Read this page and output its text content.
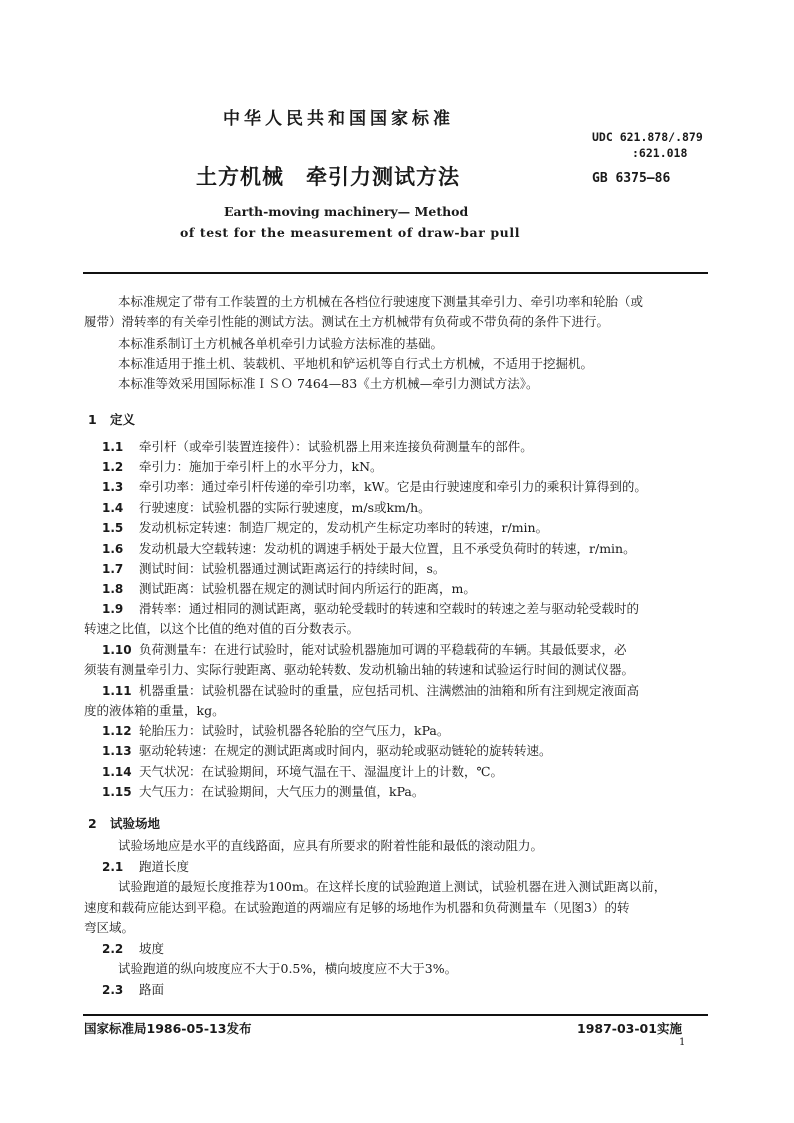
中华人民共和国国家标准
UDC 621.878/.879
:621.018
土方机械　牵引力测试方法	GB 6375—86
Earth-moving machinery— Method
of test for the measurement of draw-bar pull
本标准规定了带有工作装置的土方机械在各档位行驶速度下测量其牵引力、牵引功率和轮胎（或
履带）滑转率的有关牵引性能的测试方法。测试在土方机械带有负荷或不带负荷的条件下进行。
本标准系制订土方机械各单机牵引力试验方法标准的基础。
本标准适用于推土机、装载机、平地机和铲运机等自行式土方机械，不适用于挖掘机。
本标准等效采用国际标准ＩＳＯ 7464—83《土方机械—牵引力测试方法》。
1 定义
1.1 牵引杆（或牵引装置连接件）：试验机器上用来连接负荷测量车的部件。
1.2 牵引力：施加于牵引杆上的水平分力，kN。
1.3 牵引功率：通过牵引杆传递的牵引功率，kW。它是由行驶速度和牵引力的乘积计算得到的。
1.4 行驶速度：试验机器的实际行驶速度，m/s或km/h。
1.5 发动机标定转速：制造厂规定的，发动机产生标定功率时的转速，r/min。
1.6 发动机最大空载转速：发动机的调速手柄处于最大位置，且不承受负荷时的转速，r/min。
1.7 测试时间：试验机器通过测试距离运行的持续时间，s。
1.8 测试距离：试验机器在规定的测试时间内所运行的距离，m。
1.9 滑转率：通过相同的测试距离，驱动轮受载时的转速和空载时的转速之差与驱动轮受载时的
转速之比值，以这个比值的绝对值的百分数表示。
1.10 负荷测量车：在进行试验时，能对试验机器施加可调的平稳载荷的车辆。其最低要求，必
须装有测量牵引力、实际行驶距离、驱动轮转数、发动机输出轴的转速和试验运行时间的测试仪器。
1.11 机器重量：试验机器在试验时的重量，应包括司机、注满燃油的油箱和所有注到规定液面高
度的液体箱的重量，kg。
1.12 轮胎压力：试验时，试验机器各轮胎的空气压力，kPa。
1.13 驱动轮转速：在规定的测试距离或时间内，驱动轮或驱动链轮的旋转转速。
1.14 天气状况：在试验期间，环境气温在干、湿温度计上的计数，℃。
1.15 大气压力：在试验期间，大气压力的测量值，kPa。
2 试验场地
试验场地应是水平的直线路面，应具有所要求的附着性能和最低的滚动阻力。
2.1 跑道长度
试验跑道的最短长度推荐为100m。在这样长度的试验跑道上测试，试验机器在进入测试距离以前，
速度和载荷应能达到平稳。在试验跑道的两端应有足够的场地作为机器和负荷测量车（见图3）的转
弯区域。
2.2 坡度
试验跑道的纵向坡度应不大于0.5%，横向坡度应不大于3%。
2.3 路面
国家标准局1986-05-13发布	1987-03-01实施
1
